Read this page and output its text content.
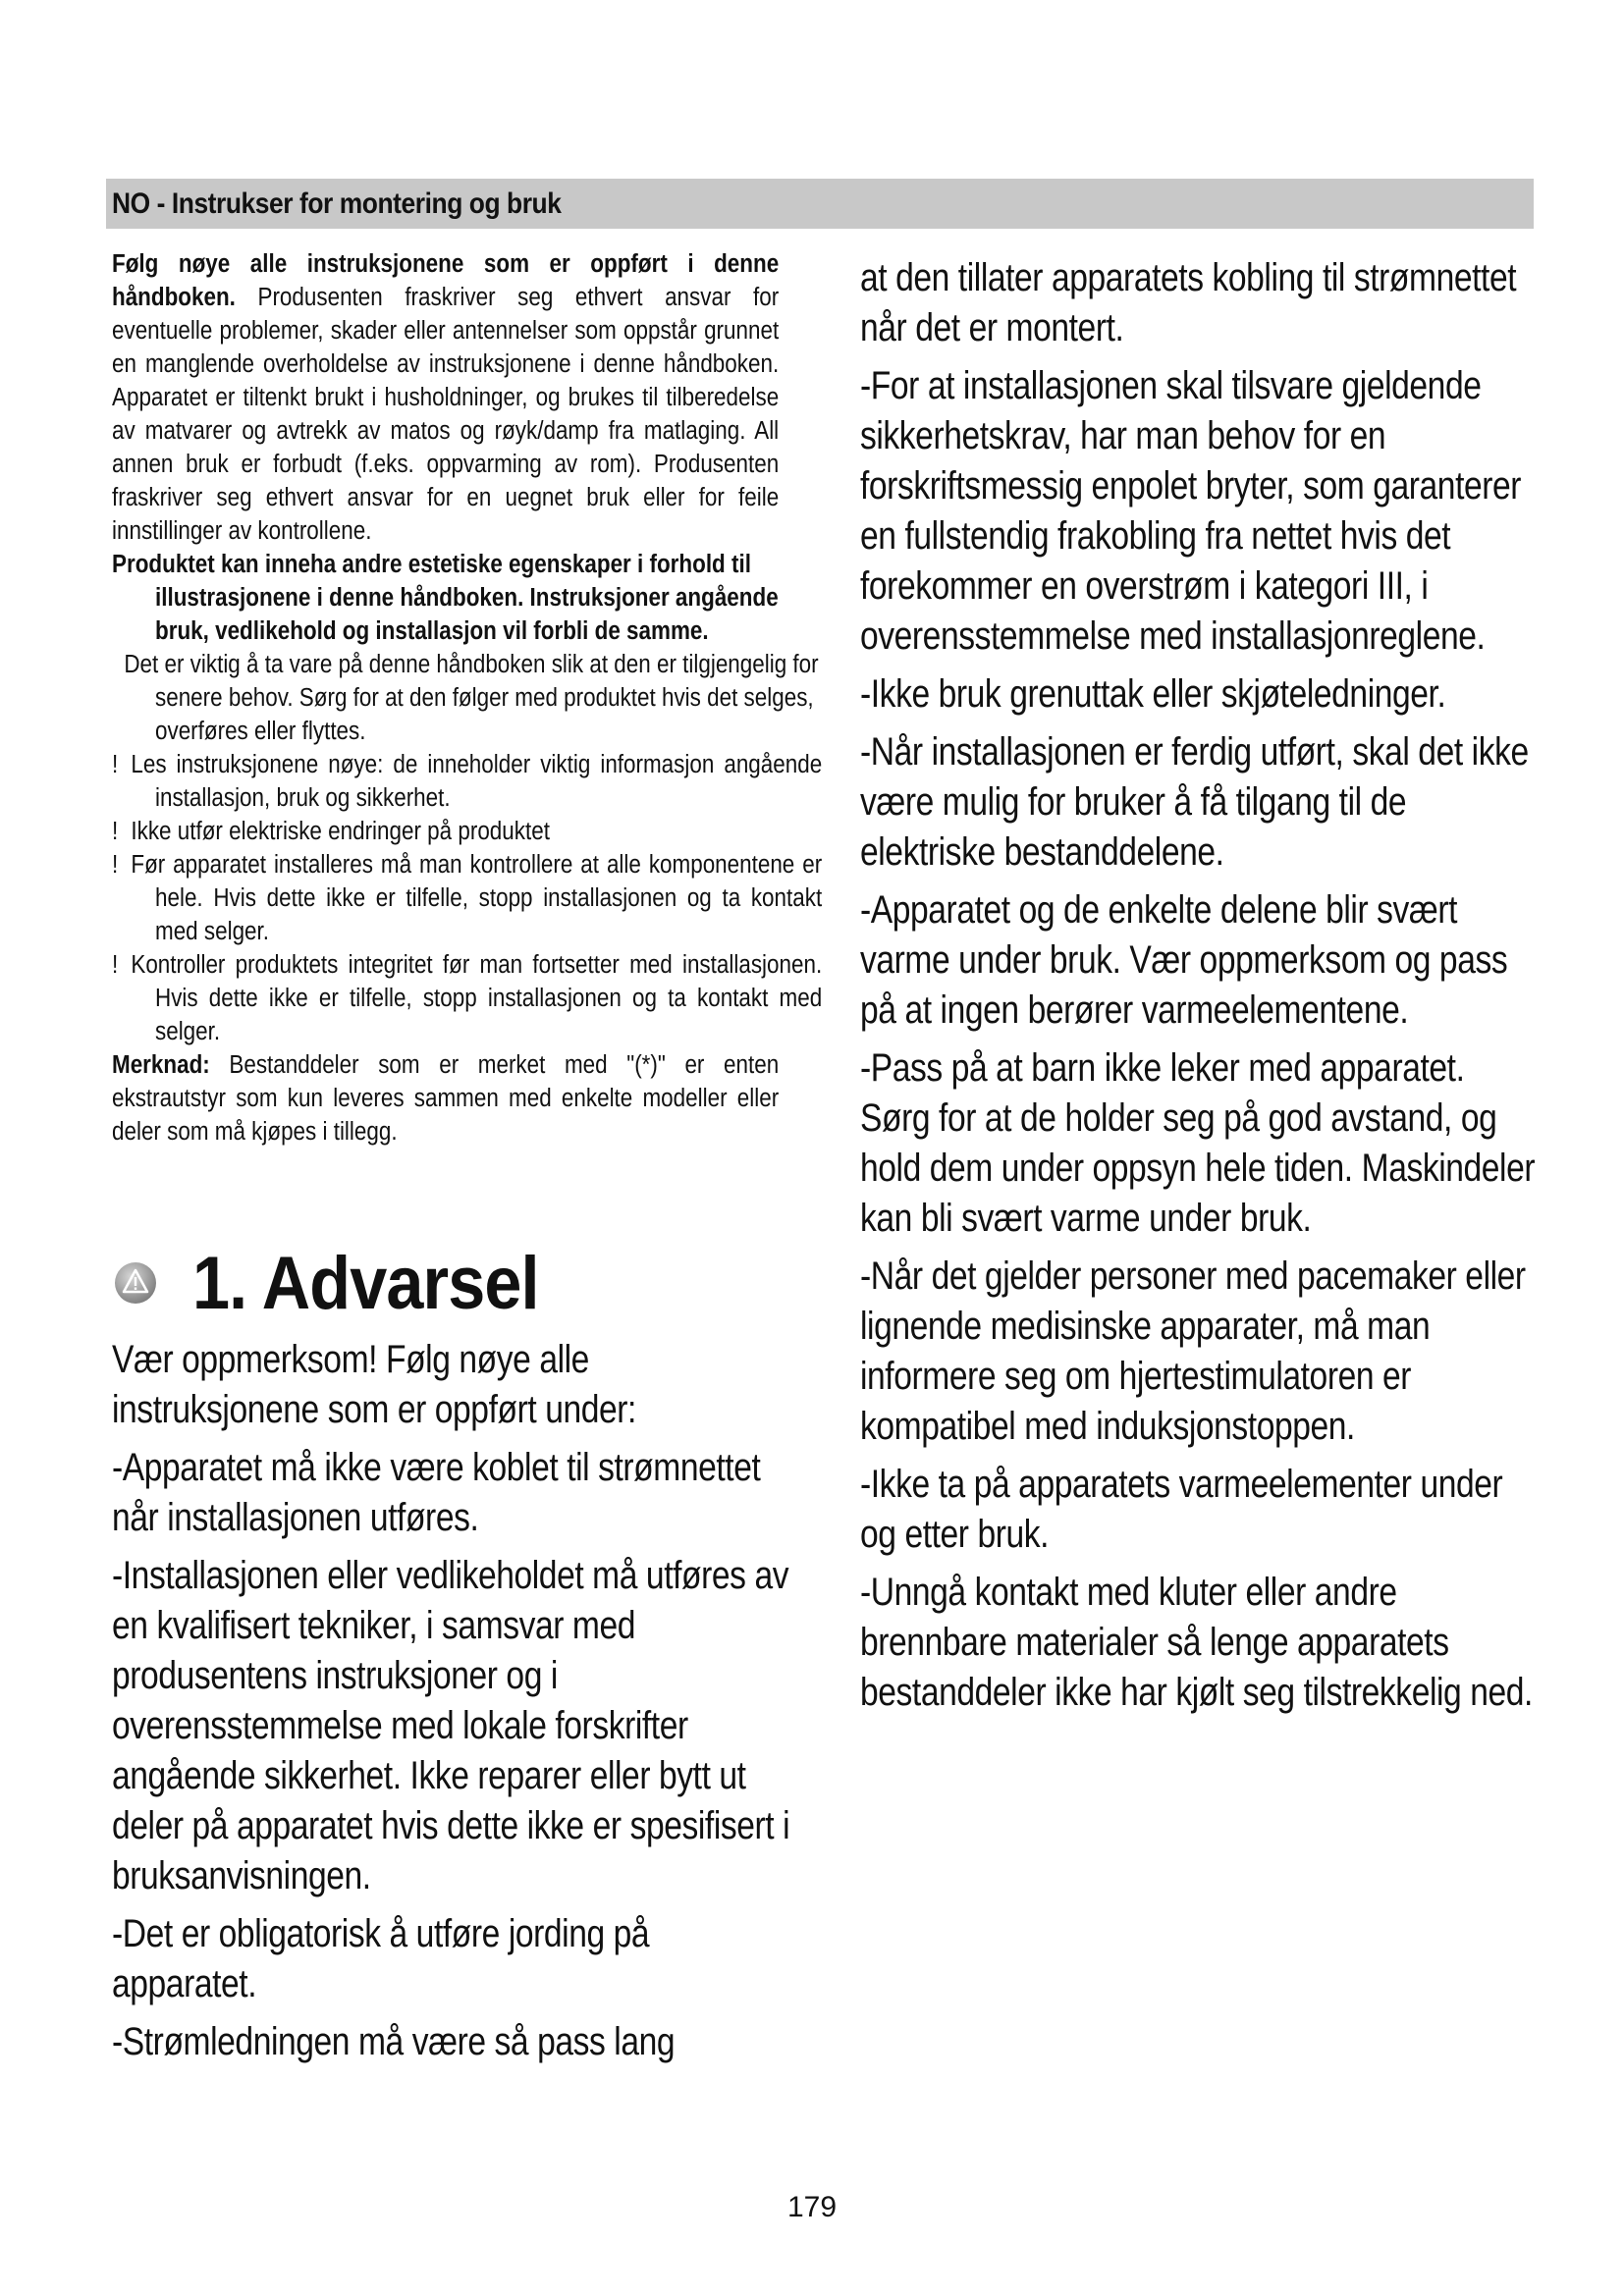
NO - Instrukser for montering og bruk

Følg nøye alle instruksjonene som er oppført i denne håndboken. Produsenten fraskriver seg ethvert ansvar for eventuelle problemer, skader eller antennelser som oppstår grunnet en manglende overholdelse av instruksjonene i denne håndboken. Apparatet er tiltenkt brukt i husholdninger, og brukes til tilberedelse av matvarer og avtrekk av matos og røyk/damp fra matlaging. All annen bruk er forbudt (f.eks. oppvarming av rom). Produsenten fraskriver seg ethvert ansvar for en uegnet bruk eller for feile innstillinger av kontrollene.

Produktet kan inneha andre estetiske egenskaper i forhold til illustrasjonene i denne håndboken. Instruksjoner angående bruk, vedlikehold og installasjon vil forbli de samme.

Det er viktig å ta vare på denne håndboken slik at den er tilgjengelig for senere behov. Sørg for at den følger med produktet hvis det selges, overføres eller flyttes.

! Les instruksjonene nøye: de inneholder viktig informasjon angående installasjon, bruk og sikkerhet.

! Ikke utfør elektriske endringer på produktet

! Før apparatet installeres må man kontrollere at alle komponentene er hele. Hvis dette ikke er tilfelle, stopp installasjonen og ta kontakt med selger.

! Kontroller produktets integritet før man fortsetter med installasjonen. Hvis dette ikke er tilfelle, stopp installasjonen og ta kontakt med selger.

Merknad: Bestanddeler som er merket med "(*)" er enten ekstrautstyr som kun leveres sammen med enkelte modeller eller deler som må kjøpes i tillegg.

1. Advarsel

Vær oppmerksom! Følg nøye alle instruksjonene som er oppført under:

-Apparatet må ikke være koblet til strømnettet når installasjonen utføres.

-Installasjonen eller vedlikeholdet må utføres av en kvalifisert tekniker, i samsvar med produsentens instruksjoner og i overensstemmelse med lokale forskrifter angående sikkerhet. Ikke reparer eller bytt ut deler på apparatet hvis dette ikke er spesifisert i bruksanvisningen.

-Det er obligatorisk å utføre jording på apparatet.

-Strømledningen må være så pass lang

at den tillater apparatets kobling til strømnettet når det er montert.

-For at installasjonen skal tilsvare gjeldende sikkerhetskrav, har man behov for en forskriftsmessig enpolet bryter, som garanterer en fullstendig frakobling fra nettet hvis det forekommer en overstrøm i kategori III, i overensstemmelse med installasjonreglene.

-Ikke bruk grenuttak eller skjøteledninger.

-Når installasjonen er ferdig utført, skal det ikke være mulig for bruker å få tilgang til de elektriske bestanddelene.

-Apparatet og de enkelte delene blir svært varme under bruk. Vær oppmerksom og pass på at ingen berører varmeelementene.

-Pass på at barn ikke leker med apparatet. Sørg for at de holder seg på god avstand, og hold dem under oppsyn hele tiden. Maskindeler kan bli svært varme under bruk.

-Når det gjelder personer med pacemaker eller lignende medisinske apparater, må man informere seg om hjertestimulatoren er kompatibel med induksjonstoppen.

-Ikke ta på apparatets varmeelementer under og etter bruk.

-Unngå kontakt med kluter eller andre brennbare materialer så lenge apparatets bestanddeler ikke har kjølt seg tilstrekkelig ned.

179
